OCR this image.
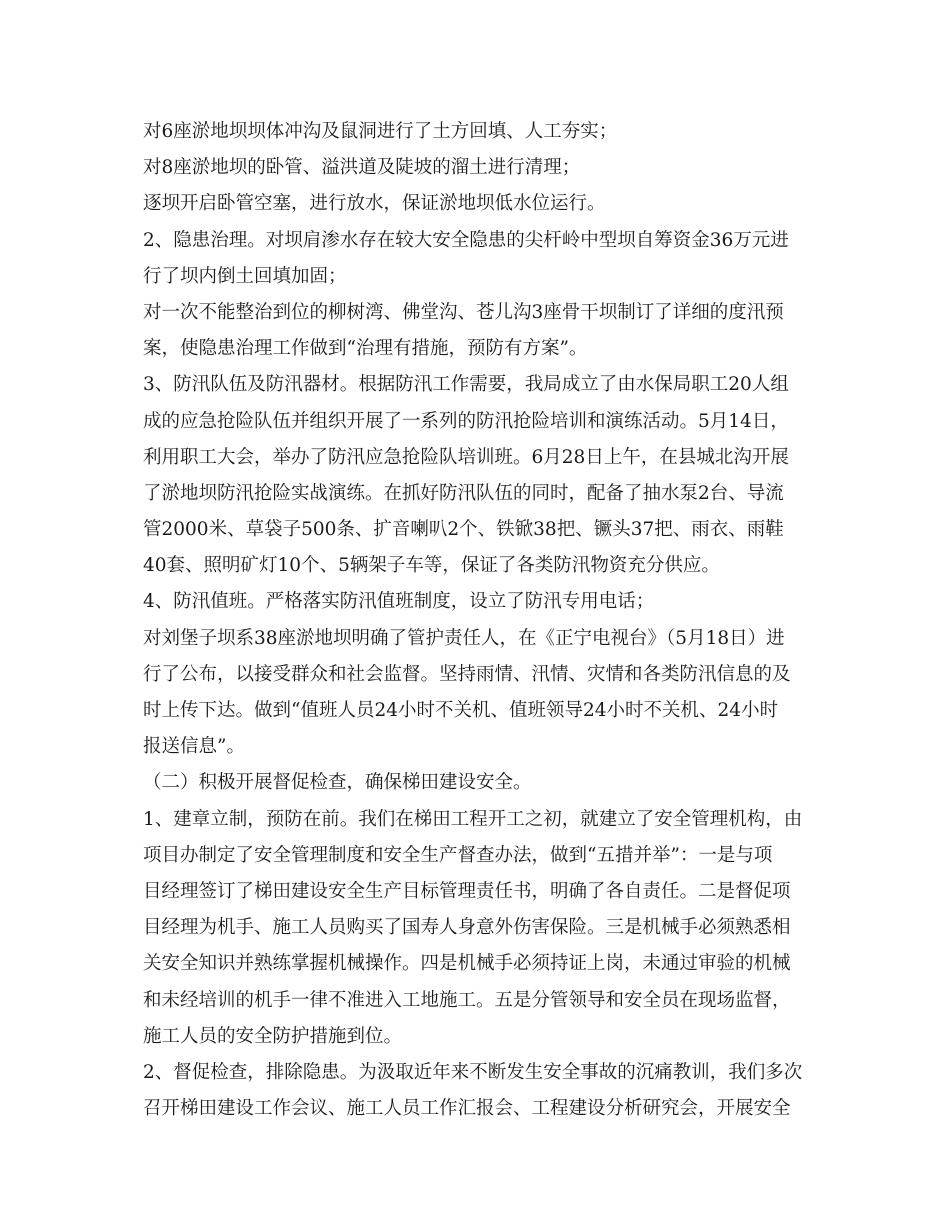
对6座淤地坝坝体冲沟及鼠洞进行了土方回填、人工夯实；
对8座淤地坝的卧管、溢洪道及陡坡的溜土进行清理；
逐坝开启卧管空塞，进行放水，保证淤地坝低水位运行。
2、隐患治理。对坝肩渗水存在较大安全隐患的尖杆岭中型坝自筹资金36万元进
行了坝内倒土回填加固；
对一次不能整治到位的柳树湾、佛堂沟、苍儿沟3座骨干坝制订了详细的度汛预
案，使隐患治理工作做到“治理有措施，预防有方案”。
3、防汛队伍及防汛器材。根据防汛工作需要，我局成立了由水保局职工20人组
成的应急抢险队伍并组织开展了一系列的防汛抢险培训和演练活动。5月14日，
利用职工大会，举办了防汛应急抢险队培训班。6月28日上午，在县城北沟开展
了淤地坝防汛抢险实战演练。在抓好防汛队伍的同时，配备了抽水泵2台、导流
管2000米、草袋子500条、扩音喇叭2个、铁锨38把、镢头37把、雨衣、雨鞋
40套、照明矿灯10个、5辆架子车等，保证了各类防汛物资充分供应。
4、防汛值班。严格落实防汛值班制度，设立了防汛专用电话；
对刘堡子坝系38座淤地坝明确了管护责任人，在《正宁电视台》（5月18日）进
行了公布，以接受群众和社会监督。坚持雨情、汛情、灾情和各类防汛信息的及
时上传下达。做到“值班人员24小时不关机、值班领导24小时不关机、24小时
报送信息”。
（二）积极开展督促检查，确保梯田建设安全。
1、建章立制，预防在前。我们在梯田工程开工之初，就建立了安全管理机构，由
项目办制定了安全管理制度和安全生产督查办法，做到“五措并举”：一是与项
目经理签订了梯田建设安全生产目标管理责任书，明确了各自责任。二是督促项
目经理为机手、施工人员购买了国寿人身意外伤害保险。三是机械手必须熟悉相
关安全知识并熟练掌握机械操作。四是机械手必须持证上岗，未通过审验的机械
和未经培训的机手一律不准进入工地施工。五是分管领导和安全员在现场监督，
施工人员的安全防护措施到位。
2、督促检查，排除隐患。为汲取近年来不断发生安全事故的沉痛教训，我们多次
召开梯田建设工作会议、施工人员工作汇报会、工程建设分析研究会，开展安全
